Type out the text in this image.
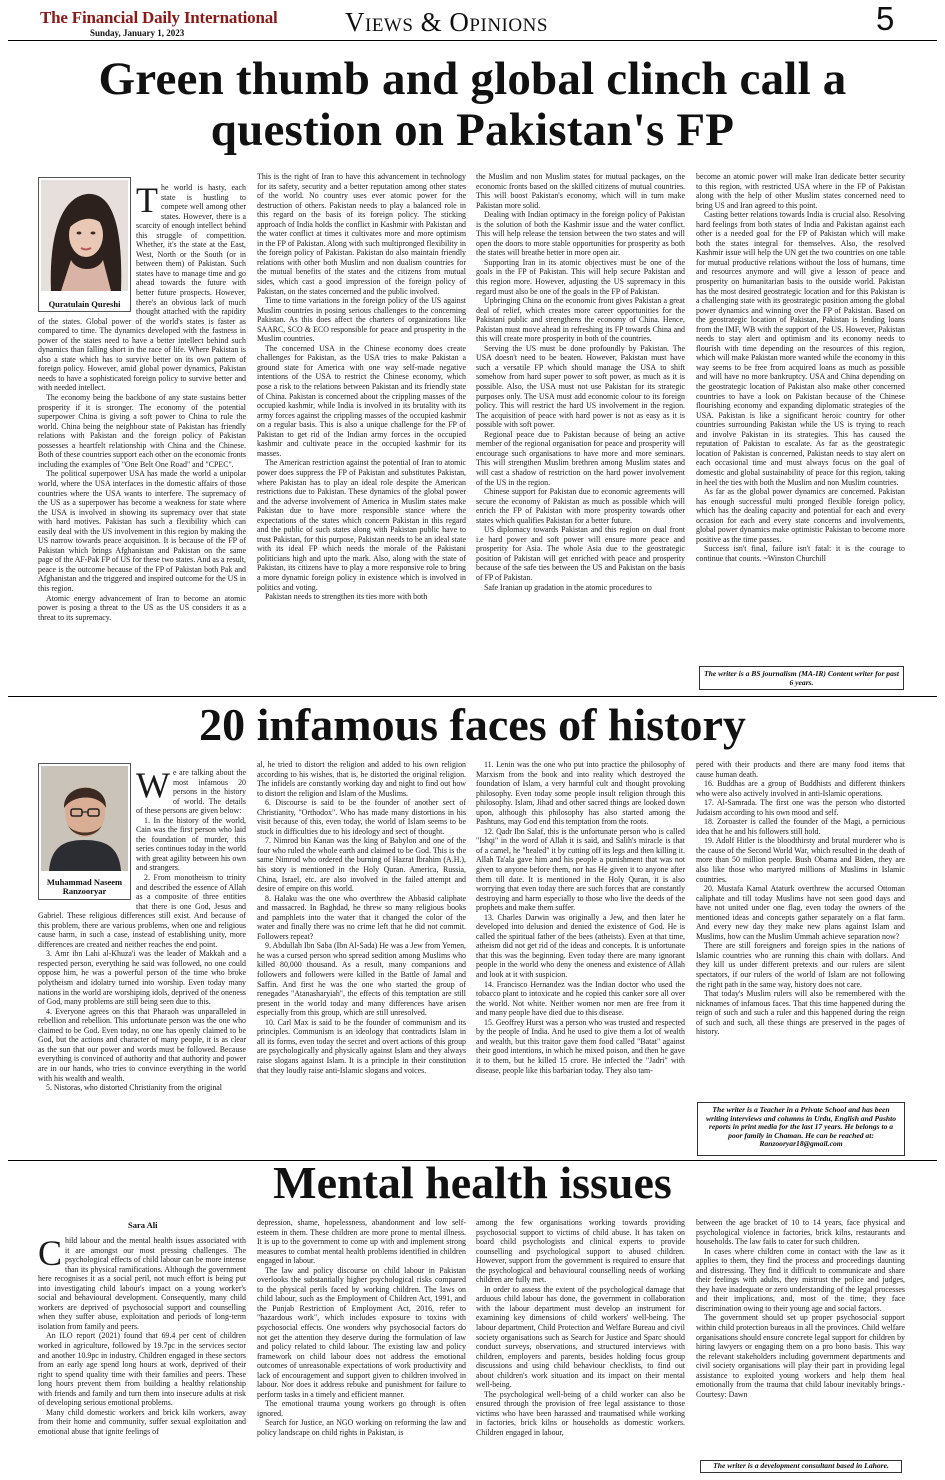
The Financial Daily International
Sunday, January 1, 2023	Views & Opinions	5
Green thumb and global clinch call a
question on Pakistan's FP
Quratulain Qureshi
T he world is hasty, each state is hustling to compete well among other states. However, there is a scarcity of enough intellect behind this struggle of competition. Whether, it's the state at the East, West, North or the South (or in between them) of Pakistan. Such states have to manage time and go ahead towards the future with better future prospects. However, there's an obvious lack of much thought attached with the rapidity of the states. Global power of the world's states is faster as compared to time. The dynamics developed with the fastness in power of the states need to have a better intellect behind such dynamics than falling short in the race of life. Where Pakistan is also a state which has to survive better on its own pattern of foreign policy. However, amid global power dynamics, Pakistan needs to have a sophisticated foreign policy to survive better and with needed intellect.

The economy being the backbone of any state sustains better prosperity if it is stronger. The economy of the potential superpower China is giving a soft power to China to rule the world. China being the neighbour state of Pakistan has friendly relations with Pakistan and the foreign policy of Pakistan possesses a heartfelt relationship with China and the Chinese. Both of these countries support each other on the economic fronts including the examples of "One Belt One Road" and "CPEC".

The political superpower USA has made the world a unipolar world, where the USA interfaces in the domestic affairs of those countries where the USA wants to interfere. The supremacy of the US as a superpower has become a weakness for state where the USA is involved in showing its supremacy over that state with hard motives. Pakistan has such a flexibility which can easily deal with the US involvement in this region by making the US narrow towards peace acquisition. It is because of the FP of Pakistan which brings Afghanistan and Pakistan on the same page of the AF-Pak FP of US for these two states. And as a result, peace is the outcome because of the FP of Pakistan both Pak and Afghanistan and the triggered and inspired outcome for the US in this region.

Atomic energy advancement of Iran to become an atomic power is posing a threat to the US as the US considers it as a threat to its supremacy.

This is the right of Iran to have this advancement in technology for its safety, security and a better reputation among other states of the world. No country uses ever atomic power for the destruction of others. Pakistan needs to play a balanced role in this regard on the basis of its foreign policy. The sticking approach of India holds the conflict in Kashmir with Pakistan and the water conflict at times it cultivates more and more optimism in the FP of Pakistan. Along with such multipronged flexibility in the foreign policy of Pakistan. Pakistan do also maintain friendly relations with other both Muslim and non dualism countries for the mutual benefits of the states and the citizens from mutual sides, which cast a good impression of the foreign policy of Pakistan, on the states concerned and the public involved.

Time to time variations in the foreign policy of the US against Muslim countries in posing serious challenges to the concerning Pakistan. As this does affect the charters of organizations like SAARC, SCO & ECO responsible for peace and prosperity in the Muslim countries.

The concerned USA in the Chinese economy does create challenges for Pakistan, as the USA tries to make Pakistan a ground state for America with one way self-made negative intentions of the USA to restrict the Chinese economy, which pose a risk to the relations between Pakistan and its friendly state of China. Pakistan is concerned about the crippling masses of the occupied kashmir, while India is involved in its brutality with its army forces against the crippling masses of the occupied kashmir on a regular basis. This is also a unique challenge for the FP of Pakistan to get rid of the Indian army forces in the occupied kashmir and cultivate peace in the occupied kashmir for its masses.

The American restriction against the potential of Iran to atomic power does suppress the FP of Pakistan and substitutes Pakistan, where Pakistan has to play an ideal role despite the American restrictions due to Pakistan. These dynamics of the global power and the adverse involvement of America in Muslim states make Pakistan due to have more responsible stance where the expectations of the states which concern Pakistan in this regard and the public of such states along with Pakistan public have to trust Pakistan, for this purpose, Pakistan needs to be an ideal state with its ideal FP which needs the morale of the Pakistani politicians high and upto the mark. Also, along with the state of Pakistan, its citizens have to play a more responsive role to bring a more dynamic foreign policy in existence which is involved in politics and voting.

Pakistan needs to strengthen its ties more with both

the Muslim and non Muslim states for mutual packages, on the economic fronts based on the skilled citizens of mutual countries. This will boost Pakistan's economy, which will in turn make Pakistan more solid.

Dealing with Indian optimacy in the foreign policy of Pakistan is the solution of both the Kashmir issue and the water conflict. This will help release the tension between the two states and will open the doors to more stable opportunities for prosperity as both the states will breathe better in more open air.

Supporting Iran in its atomic objectives must be one of the goals in the FP of Pakistan. This will help secure Pakistan and this region more. However, adjusting the US supremacy in this regard must also be one of the goals in the FP of Pakistan.

Upbringing China on the economic front gives Pakistan a great deal of relief, which creates more career opportunities for the Pakistani public and strengthens the economy of China. Hence, Pakistan must move ahead in refreshing its FP towards China and this will create more prosperity in both of the countries.

Serving the US must be done profoundly by Pakistan. The USA doesn't need to be beaten. However, Pakistan must have such a versatile FP which should manage the USA to shift somehow from hard super power to soft power, as much as it is possible. Also, the USA must not use Pakistan for its strategic purposes only. The USA must add economic colour to its foreign policy. This will restrict the hard US involvement in the region. The acquisition of peace with hard power is not as easy as it is possible with soft power.

Regional peace due to Pakistan because of being an active member of the regional organisation for peace and prosperity will encourage such organisations to have more and more seminars. This will strengthen Muslim brethren among Muslim states and will cast a shadow of restriction on the hard power involvement of the US in the region.

Chinese support for Pakistan due to economic agreements will secure the economy of Pakistan as much as possible which will enrich the FP of Pakistan with more prosperity towards other states which qualifies Pakistan for a better future.

US diplomacy towards Pakistan and this region on dual front i.e hard power and soft power will ensure more peace and prosperity for Asia. The whole Asia due to the geostrategic position of Pakistan will get enriched with peace and prosperity because of the safe ties between the US and Pakistan on the basis of FP of Pakistan.

Safe Iranian up gradation in the atomic procedures to

become an atomic power will make Iran dedicate better security to this region, with restricted USA where in the FP of Pakistan along with the help of other Muslim states concerned need to bring US and Iran agreed to this point.

Casting better relations towards India is crucial also. Resolving hard feelings from both states of India and Pakistan against each other is a needed goal for the FP of Pakistan which will make both the states integral for themselves. Also, the resolved Kashmir issue will help the UN get the two countries on one table for mutual productive relations without the loss of humans, time and resources anymore and will give a lesson of peace and prosperity on humanitarian basis to the outside world. Pakistan has the most desired geostrategic location and for this Pakistan is a challenging state with its geostrategic position among the global power dynamics and winning over the FP of Pakistan. Based on the geostrategic location of Pakistan, Pakistan is lending loans from the IMF, WB with the support of the US. However, Pakistan needs to stay alert and optimism and its economy needs to flourish with time depending on the resources of this region, which will make Pakistan more wanted while the economy in this way seems to be free from acquired loans as much as possible and will have no more bankruptcy. USA and China depending on the geostrategic location of Pakistan also make other concerned countries to have a look on Pakistan because of the Chinese flourishing economy and expanding diplomatic strategies of the USA. Pakistan is like a significant heroic country for other countries surrounding Pakistan while the US is trying to reach and involve Pakistan in its strategies. This has caused the reputation of Pakistan to escalate. As far as the geostrategic location of Pakistan is concerned, Pakistan needs to stay alert on each occasional time and must always focus on the goal of domestic and global sustainability of peace for this region, taking in heel the ties with both the Muslim and non Muslim countries.

As far as the global power dynamics are concerned. Pakistan has enough successful multi pronged flexible foreign policy, which has the dealing capacity and potential for each and every occasion for each and every state concerns and involvements, global power dynamics make optimistic Pakistan to become more positive as the time passes.

Success isn't final, failure isn't fatal: it is the courage to continue that counts. ~Winston Churchill

The writer is a BS journalism (MA-IR) Content writer for past 6 years.
20 infamous faces of history
Muhammad Naseem
Ranzooryar
W e are talking about the most infamous 20 persons in the history of world. The details of these persons are given below:

1. In the history of the world, Cain was the first person who laid the foundation of murder, this series continues today in the world with great agility between his own and strangers.

2. From monotheism to trinity and described the essence of Allah as a composite of three entities that there is one God, Jesus and Gabriel. These religious differences still exist. And because of this problem, there are various problems, when one and religious cause harm, in such a case, instead of establishing unity, more differences are created and neither reaches the end point.

3. Amr ibn Lahi al-Khuza'i was the leader of Makkah and a respected person, everything he said was followed, no one could oppose him, he was a powerful person of the time who broke polytheism and idolatry turned into worship. Even today many nations in the world are worshiping idols, deprived of the oneness of God, many problems are still being seen due to this.

4. Everyone agrees on this that Pharaoh was unparalleled in rebellion and rebellion. This unfortunate person was the one who claimed to be God. Even today, no one has openly claimed to be God, but the actions and character of many people, it is as clear as the sun that our power and words must be followed. Because everything is convinced of authority and that authority and power are in our hands, who tries to convince everything in the world with his wealth and wealth.

5. Nistoras, who distorted Christianity from the original

al, he tried to distort the religion and added to his own religion according to his wishes, that is, he distorted the original religion. The infidels are constantly working day and night to find out how to distort the religion and Islam of the Muslims.

6. Discourse is said to be the founder of another sect of Christianity, "Orthodox". Who has made many distortions in his visit because of this, even today, the world of Islam seems to be stuck in difficulties due to his ideology and sect of thought.

7. Nimrod bin Kanan was the king of Babylon and one of the four who ruled the whole earth and claimed to be God. This is the same Nimrod who ordered the burning of Hazrat Ibrahim (A.H.), his story is mentioned in the Holy Quran. America, Russia, China, Israel, etc. are also involved in the failed attempt and desire of empire on this world.

8. Halaku was the one who overthrew the Abbasid caliphate and massacred. In Baghdad, he threw so many religious books and pamphlets into the water that it changed the color of the water and finally there was no crime left that he did not commit. Followers repeat?

9. Abdullah Ibn Saba (Ibn Al-Sada) He was a Jew from Yemen, he was a cursed person who spread sedition among Muslims who killed 80,000 thousand. As a result, many companions and followers and followers were killed in the Battle of Jamal and Saffin. And first he was the one who started the group of renegades "Atanasharyiah", the effects of this temptation are still present in the world today and many differences have arisen especially from this group, which are still unresolved.

10. Carl Max is said to be the founder of communism and its principles. Communism is an ideology that contradicts Islam in all its forms, even today the secret and overt actions of this group are psychologically and physically against Islam and they always raise slogans against Islam. It is a principle in their constitution that they loudly raise anti-Islamic slogans and voices.

11. Lenin was the one who put into practice the philosophy of Marxism from the book and into reality which destroyed the foundation of Islam, a very harmful cult and thought provoking philosophy. Even today some people insult religion through this philosophy. Islam, Jihad and other sacred things are looked down upon, although this philosophy has also started among the Pashtuns, may God end this temptation from the roots.

12. Qadr Ibn Salaf, this is the unfortunate person who is called "Ishqi" in the word of Allah it is said, and Salih's miracle is that of a camel, he "healed" it by cutting off its legs and then killing it. Allah Ta'ala gave him and his people a punishment that was not given to anyone before them, nor has He given it to anyone after them till date. It is mentioned in the Holy Quran, it is also worrying that even today there are such forces that are constantly destroying and harm especially to those who live the deeds of the prophets and make them suffer.

13. Charles Darwin was originally a Jew, and then later he developed into delusion and denied the existence of God. He is called the spiritual father of the bees (atheists). Even at that time, atheism did not get rid of the ideas and concepts. It is unfortunate that this was the beginning. Even today there are many ignorant people in the world who deny the oneness and existence of Allah and look at it with suspicion.

14. Francisco Hernandez was the Indian doctor who used the tobacco plant to intoxicate and he copied this canker sore all over the world. Not white. Neither women nor men are free from it and many people have died due to this disease.

15. Geoffrey Hurst was a person who was trusted and respected by the people of India. And he used to give them a lot of wealth and wealth, but this traitor gave them food called "Batat" against their good intentions, in which he mixed poison, and then he gave it to them, but he killed 15 crore. He infected the "Jadri" with disease, people like this barbarian today. They also tam-

pered with their products and there are many food items that cause human death.

16. Buddhas are a group of Buddhists and different thinkers who were also actively involved in anti-Islamic operations.

17. Al-Samrada. The first one was the person who distorted Judaism according to his own mood and self.

18. Zoroaster is called the founder of the Magi, a pernicious idea that he and his followers still hold.

19. Adolf Hitler is the bloodthirsty and brutal murderer who is the cause of the Second World War, which resulted in the death of more than 50 million people. Bush Obama and Biden, they are also like those who martyred millions of Muslims in Islamic countries.

20. Mustafa Kamal Ataturk overthrew the accursed Ottoman caliphate and till today Muslims have not seen good days and have not united under one flag, even today the owners of the mentioned ideas and concepts gather separately on a flat farm. And every new day they make new plans against Islam and Muslims, how can the Muslim Ummah achieve separation now?

There are still foreigners and foreign spies in the nations of Islamic countries who are running this chain with dollars. And they kill us under different pretexts and our rulers are silent spectators, if our rulers of the world of Islam are not following the right path in the same way, history does not care.

That today's Muslim rulers will also be remembered with the nicknames of infamous faces. That this time happened during the reign of such and such a ruler and this happened during the reign of such and such, all these things are preserved in the pages of history.

The writer is a Teacher in a Private School and has been writing interviews and columns in Urdu, English and Pashto reports in print media for the last 17 years. He belongs to a poor family in Chaman. He can be reached at: Ranzooryar18@gmail.com
Mental health issues
Sara Ali
C hild labour and the mental health issues associated with it are amongst our most pressing challenges. The psychological effects of child labour can be more intense than its physical ramifications. Although the government here recognises it as a social peril, not much effort is being put into investigating child labour's impact on a young worker's social and behavioural development. Consequently, many child workers are deprived of psychosocial support and counselling when they suffer abuse, exploitation and periods of long-term isolation from family and peers.

An ILO report (2021) found that 69.4 per cent of children worked in agriculture, followed by 19.7pc in the services sector and another 10.9pc in industry. Children engaged in these sectors from an early age spend long hours at work, deprived of their right to spend quality time with their families and peers. These long hours prevent them from building a healthy relationship with friends and family and turn them into insecure adults at risk of developing serious emotional problems.

Many child domestic workers and brick kiln workers, away from their home and community, suffer sexual exploitation and emotional abuse that ignite feelings of

depression, shame, hopelessness, abandonment and low self-esteem in them. These children are more prone to mental illness. It is up to the government to come up with and implement strong measures to combat mental health problems identified in children engaged in labour.

The law and policy discourse on child labour in Pakistan overlooks the substantially higher psychological risks compared to the physical perils faced by working children. The laws on child labour, such as the Employment of Children Act, 1991, and the Punjab Restriction of Employment Act, 2016, refer to "hazardous work", which includes exposure to toxins with psychosocial effects. One wonders why psychosocial factors do not get the attention they deserve during the formulation of law and policy related to child labour. The existing law and policy framework on child labour does not address the emotional outcomes of unreasonable expectations of work productivity and lack of encouragement and support given to children involved in labour. Nor does it address rebuke and punishment for failure to perform tasks in a timely and efficient manner.

The emotional trauma young workers go through is often ignored.

Search for Justice, an NGO working on reforming the law and policy landscape on child rights in Pakistan, is

among the few organisations working towards providing psychosocial support to victims of child abuse. It has taken on board child psychologists and clinical experts to provide counselling and psychological support to abused children. However, support from the government is required to ensure that the psychological and behavioural counselling needs of working children are fully met.

In order to assess the extent of the psychological damage that arduous child labour has done, the government in collaboration with the labour department must develop an instrument for examining key dimensions of child workers' well-being. The labour department, Child Protection and Welfare Bureau and civil society organisations such as Search for Justice and Sparc should conduct surveys, observations, and structured interviews with children, employers and parents, besides holding focus group discussions and using child behaviour checklists, to find out about children's work situation and its impact on their mental well-being.

The psychological well-being of a child worker can also be ensured through the provision of free legal assistance to those victims who have been harassed and traumatised while working in factories, brick kilns or households as domestic workers. Children engaged in labour,

between the age bracket of 10 to 14 years, face physical and psychological violence in factories, brick kilns, restaurants and households. The law fails to cater for such children.

In cases where children come in contact with the law as it applies to them, they find the process and proceedings daunting and distressing. They find it difficult to communicate and share their feelings with adults, they mistrust the police and judges, they have inadequate or zero understanding of the legal processes and their implications, and, most of the time, they face discrimination owing to their young age and social factors.

The government should set up proper psychosocial support within child protection bureaus in all the provinces. Child welfare organisations should ensure concrete legal support for children by hiring lawyers or engaging them on a pro bono basis. This way the relevant stakeholders including government departments and civil society organisations will play their part in providing legal assistance to exploited young workers and help them heal emotionally from the trauma that child labour inevitably brings.-Courtesy: Dawn

The writer is a development consultant based in Lahore.
